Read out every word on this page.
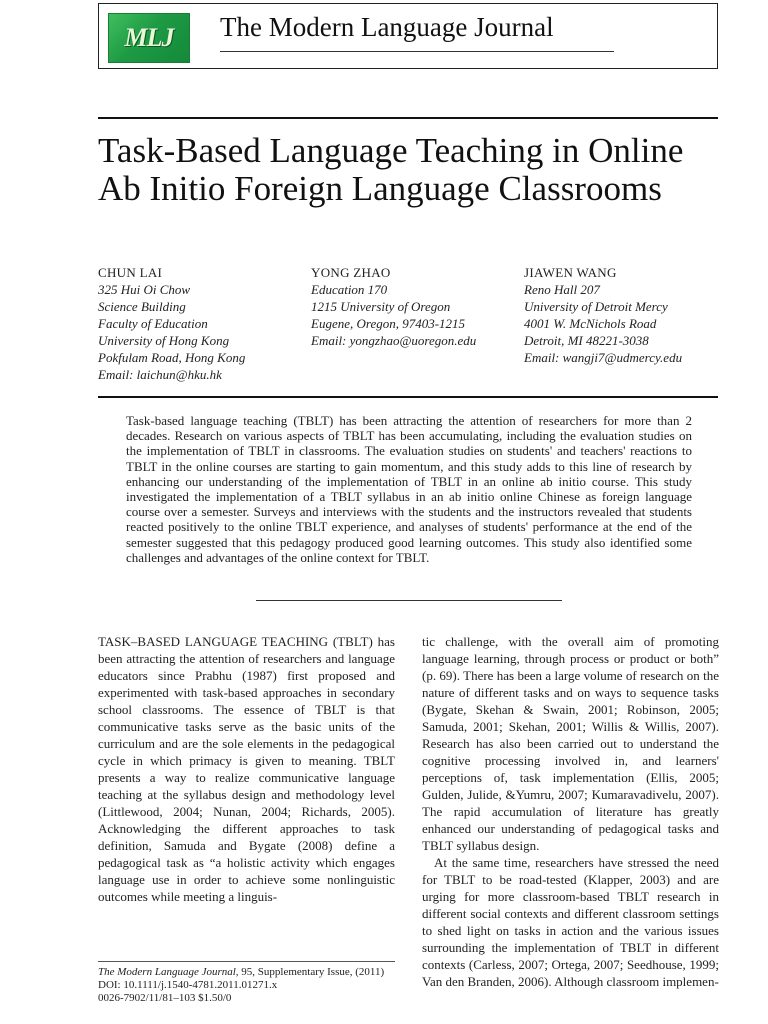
MLJ The Modern Language Journal
Task-Based Language Teaching in Online Ab Initio Foreign Language Classrooms
CHUN LAI
325 Hui Oi Chow
Science Building
Faculty of Education
University of Hong Kong
Pokfulam Road, Hong Kong
Email: laichun@hku.hk
YONG ZHAO
Education 170
1215 University of Oregon
Eugene, Oregon, 97403-1215
Email: yongzhao@uoregon.edu
JIAWEN WANG
Reno Hall 207
University of Detroit Mercy
4001 W. McNichols Road
Detroit, MI 48221-3038
Email: wangji7@udmercy.edu

Task-based language teaching (TBLT) has been attracting the attention of researchers for more than 2 decades. Research on various aspects of TBLT has been accumulating, including the evaluation studies on the implementation of TBLT in classrooms. The evaluation studies on students' and teachers' reactions to TBLT in the online courses are starting to gain momentum, and this study adds to this line of research by enhancing our understanding of the implementation of TBLT in an online ab initio course. This study investigated the implementation of a TBLT syllabus in an ab initio online Chinese as foreign language course over a semester. Surveys and interviews with the students and the instructors revealed that students reacted positively to the online TBLT experience, and analyses of students' performance at the end of the semester suggested that this pedagogy produced good learning outcomes. This study also identified some challenges and advantages of the online context for TBLT.

TASK–BASED LANGUAGE TEACHING (TBLT) has been attracting the attention of researchers and language educators since Prabhu (1987) first proposed and experimented with task-based approaches in secondary school classrooms. The essence of TBLT is that communicative tasks serve as the basic units of the curriculum and are the sole elements in the pedagogical cycle in which primacy is given to meaning. TBLT presents a way to realize communicative language teaching at the syllabus design and methodology level (Littlewood, 2004; Nunan, 2004; Richards, 2005). Acknowledging the different approaches to task definition, Samuda and Bygate (2008) define a pedagogical task as “a holistic activity which engages language use in order to achieve some nonlinguistic outcomes while meeting a linguis-

tic challenge, with the overall aim of promoting language learning, through process or product or both” (p. 69). There has been a large volume of research on the nature of different tasks and on ways to sequence tasks (Bygate, Skehan & Swain, 2001; Robinson, 2005; Samuda, 2001; Skehan, 2001; Willis & Willis, 2007). Research has also been carried out to understand the cognitive processing involved in, and learners' perceptions of, task implementation (Ellis, 2005; Gulden, Julide, &Yumru, 2007; Kumaravadivelu, 2007). The rapid accumulation of literature has greatly enhanced our understanding of pedagogical tasks and TBLT syllabus design.

At the same time, researchers have stressed the need for TBLT to be road-tested (Klapper, 2003) and are urging for more classroom-based TBLT research in different social contexts and different classroom settings to shed light on tasks in action and the various issues surrounding the implementation of TBLT in different contexts (Carless, 2007; Ortega, 2007; Seedhouse, 1999; Van den Branden, 2006). Although classroom implemen-

The Modern Language Journal, 95, Supplementary Issue, (2011)
DOI: 10.1111/j.1540-4781.2011.01271.x
0026-7902/11/81–103 $1.50/0
